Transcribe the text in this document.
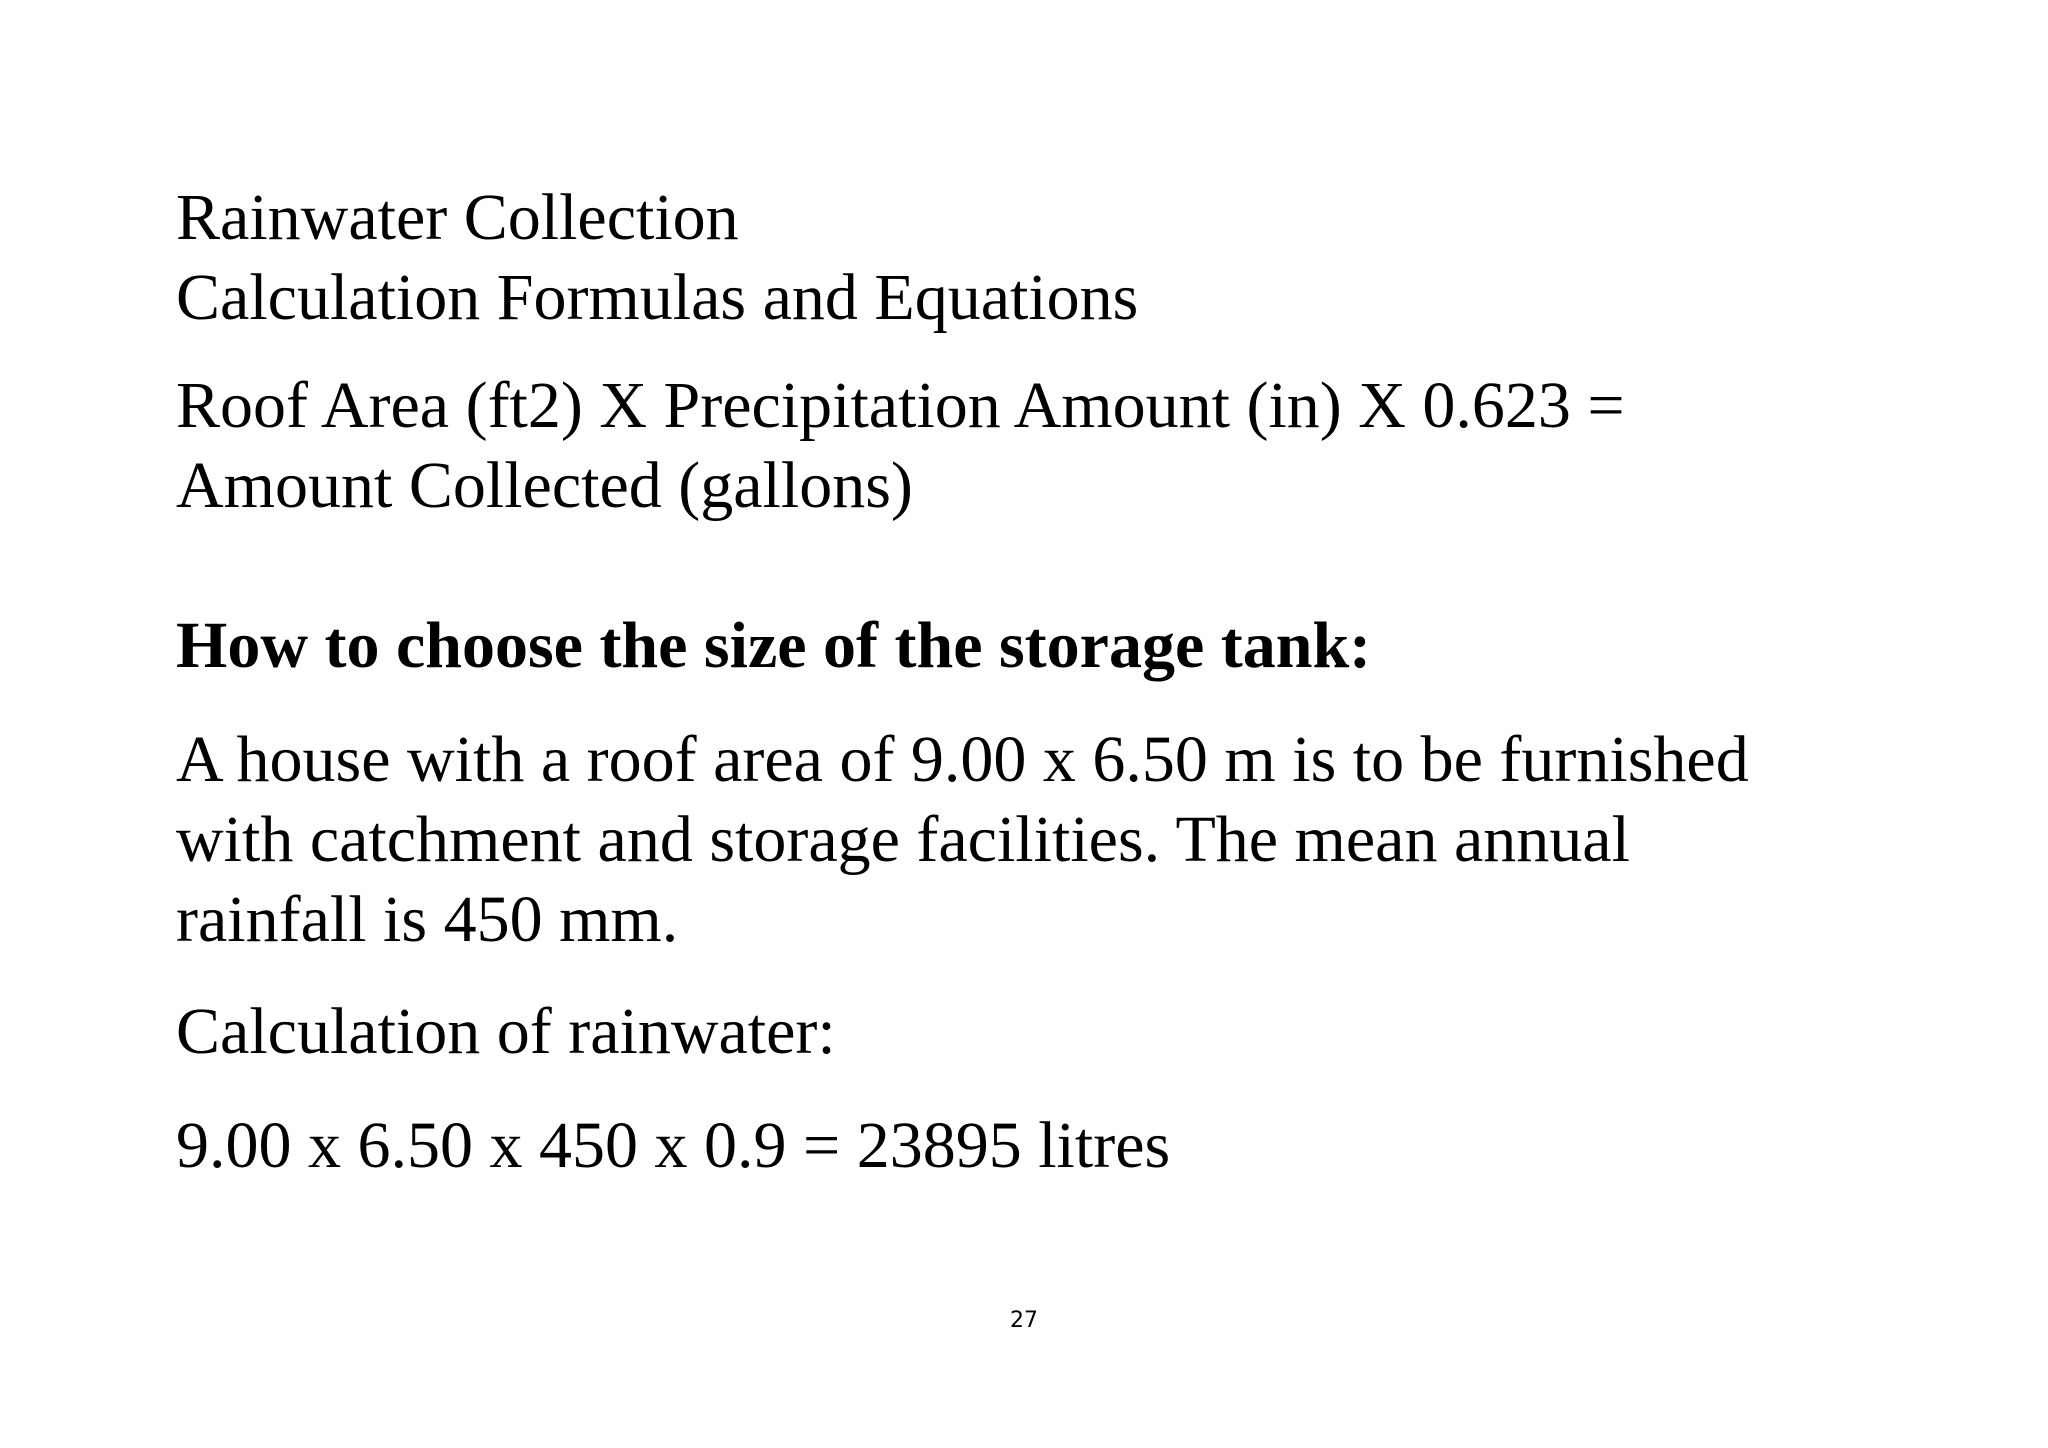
Rainwater Collection
Calculation Formulas and Equations
Roof Area (ft2) X Precipitation Amount (in) X 0.623 =
Amount Collected (gallons)
How to choose the size of the storage tank:
A house with a roof area of 9.00 x 6.50 m is to be furnished
with catchment and storage facilities. The mean annual
rainfall is 450 mm.
Calculation of rainwater:
9.00 x 6.50 x 450 x 0.9 = 23895 litres
27
